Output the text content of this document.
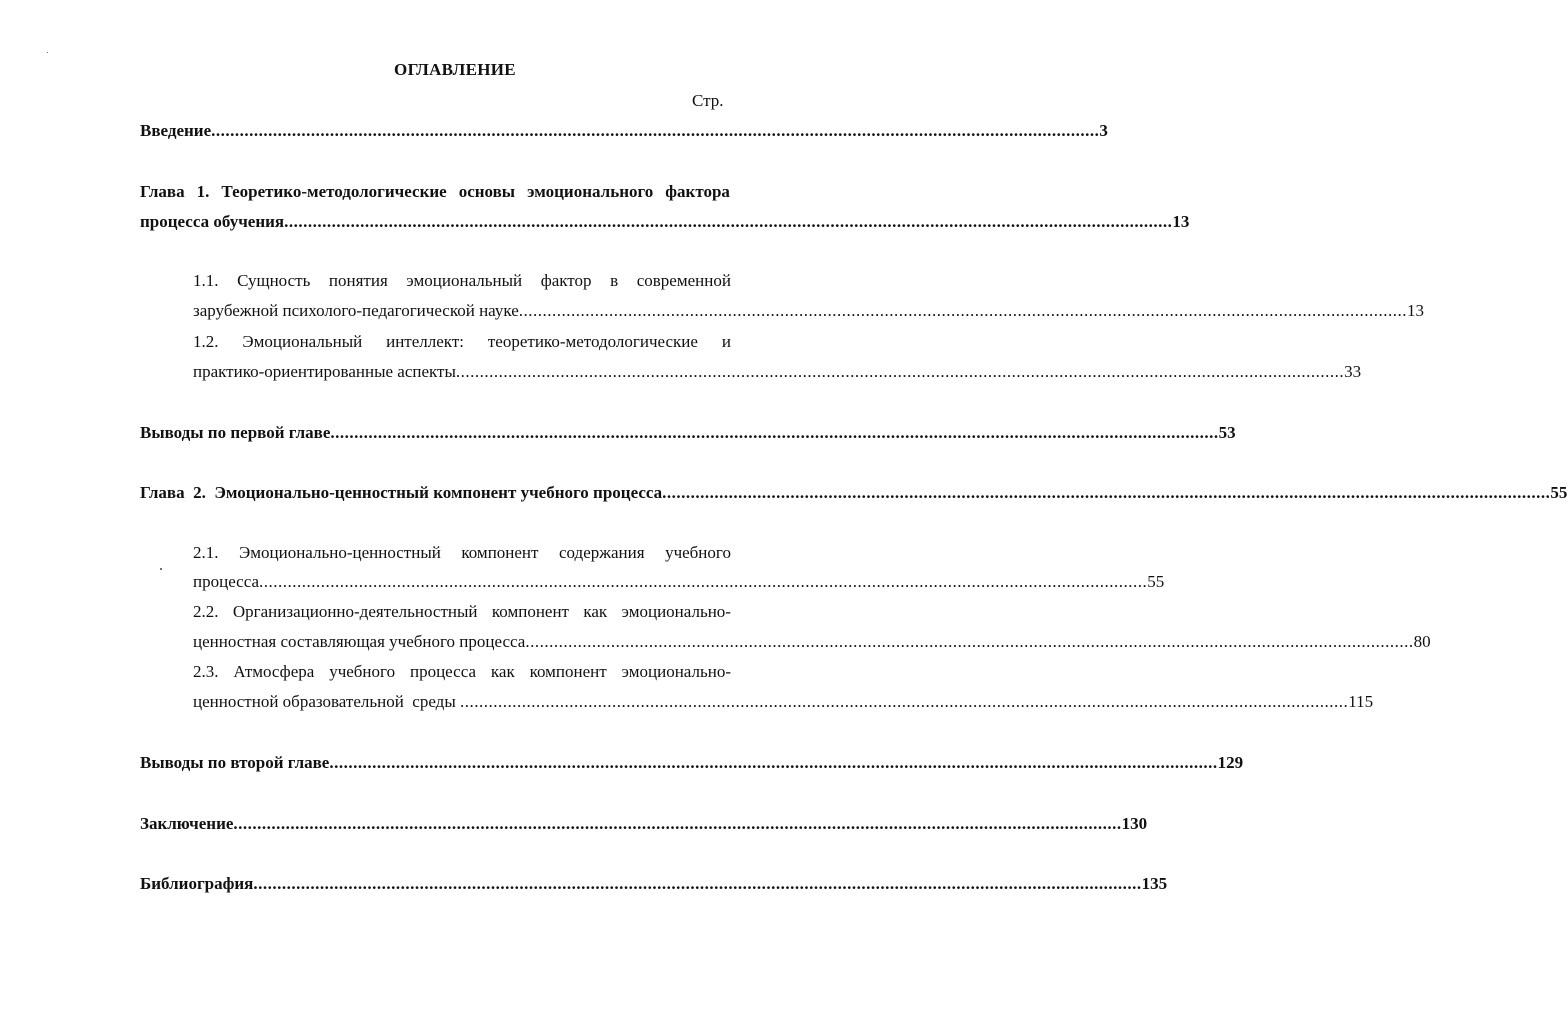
ОГЛАВЛЕНИЕ
Стр.
Введение ........................................................................................................................................................................................... 3
Глава 1. Теоретико-методологические основы эмоционального фактора
процесса обучения ........................................................................................................................................................................................... 13
1.1. Сущность понятия эмоциональный фактор в современной
зарубежной психолого-педагогической науке ........................................................................................................................................................................................... 13
1.2. Эмоциональный интеллект: теоретико-методологические и
практико-ориентированные аспекты ........................................................................................................................................................................................... 33
Выводы по первой главе ........................................................................................................................................................................................... 53
Глава  2.  Эмоционально-ценностный компонент учебного процесса ........................................................................................................................................................................................... 55
2.1. Эмоционально-ценностный компонент содержания учебного
процесса ........................................................................................................................................................................................... 55
2.2. Организационно-деятельностный компонент как эмоционально-
ценностная составляющая учебного процесса ........................................................................................................................................................................................... 80
2.3. Атмосфера учебного процесса как компонент эмоционально-
ценностной образовательной  среды ........................................................................................................................................................................................... 115
Выводы по второй главе ........................................................................................................................................................................................... 129
Заключение ........................................................................................................................................................................................... 130
Библиография ........................................................................................................................................................................................... 135
